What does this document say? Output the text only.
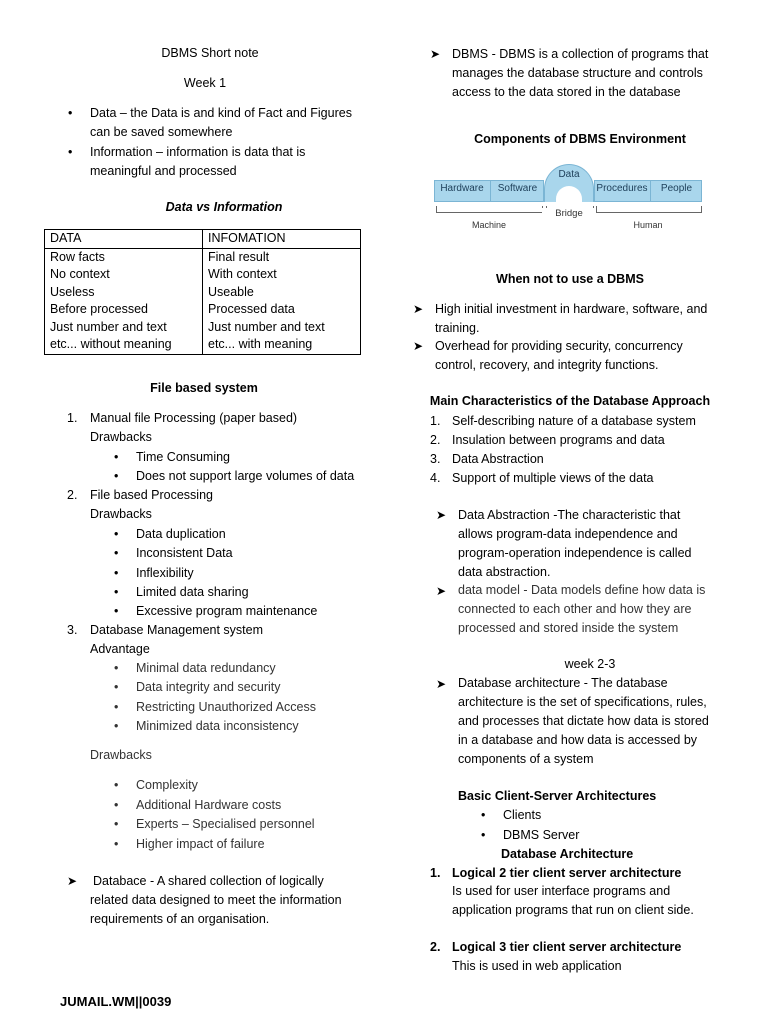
DBMS Short note
Week 1
• Data – the Data is and kind of Fact and Figures
can be saved somewhere
• Information – information is data that is
meaningful and processed
Data vs Information
DATA	INFOMATION
Row facts	Final result
No context	With context
Useless	Useable
Before processed	Processed data
Just number and text	Just number and text
etc... without meaning	etc... with meaning
File based system
1. Manual file Processing (paper based)
Drawbacks
• Time Consuming
• Does not support large volumes of data
2. File based Processing
Drawbacks
• Data duplication
• Inconsistent Data
• Inflexibility
• Limited data sharing
• Excessive program maintenance
3. Database Management system
Advantage
• Minimal data redundancy
• Data integrity and security
• Restricting Unauthorized Access
• Minimized data inconsistency
Drawbacks
• Complexity
• Additional Hardware costs
• Experts – Specialised personnel
• Higher impact of failure
➤ Databace - A shared collection of logically
related data designed to meet the information
requirements of an organisation.
JUMAIL.WM||0039
➤ DBMS - DBMS is a collection of programs that
manages the database structure and controls
access to the data stored in the database
Components of DBMS Environment
Hardware	Software
Data
Procedures	People
Bridge
Machine	Human
When not to use a DBMS
➤ High initial investment in hardware, software, and
training.
➤ Overhead for providing security, concurrency
control, recovery, and integrity functions.
Main Characteristics of the Database Approach
1. Self-describing nature of a database system
2. Insulation between programs and data
3. Data Abstraction
4. Support of multiple views of the data
➤ Data Abstraction -The characteristic that
allows program-data independence and
program-operation independence is called
data abstraction.
➤ data model - Data models define how data is
connected to each other and how they are
processed and stored inside the system
week 2-3
➤ Database architecture - The database
architecture is the set of specifications, rules,
and processes that dictate how data is stored
in a database and how data is accessed by
components of a system
Basic Client-Server Architectures
• Clients
• DBMS Server
Database Architecture
1. Logical 2 tier client server architecture
Is used for user interface programs and
application programs that run on client side.
2. Logical 3 tier client server architecture
This is used in web application
